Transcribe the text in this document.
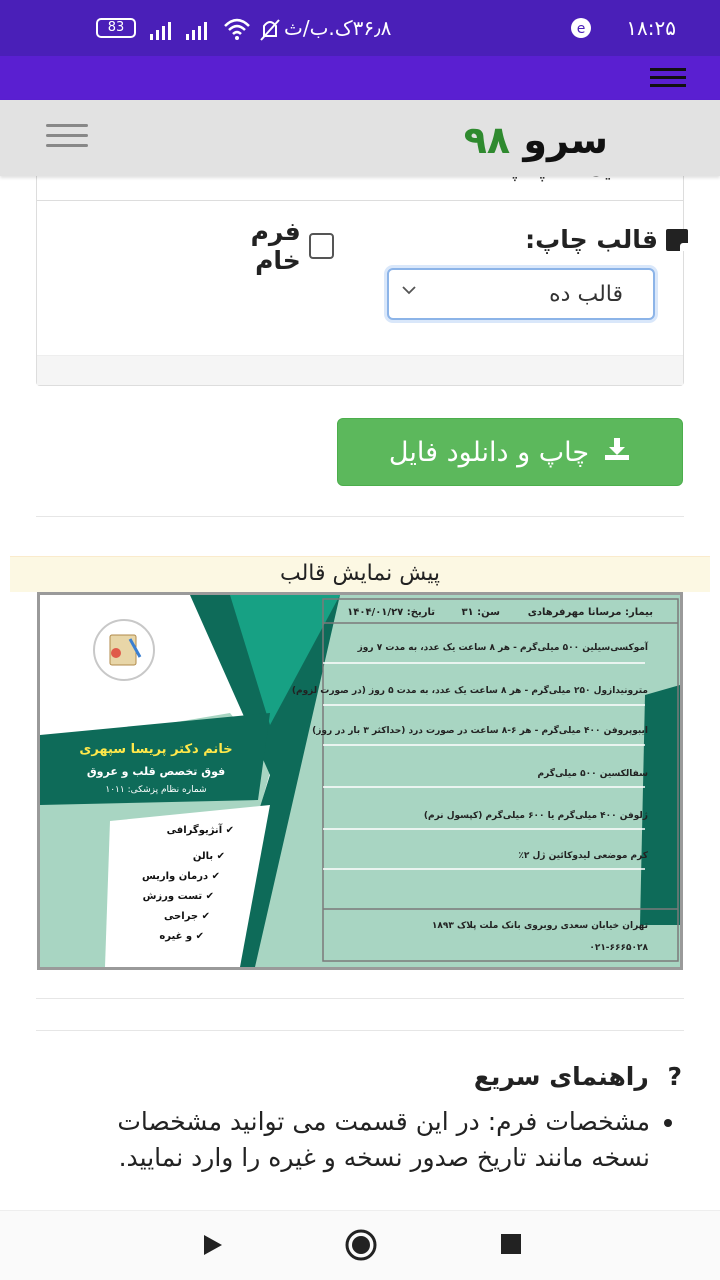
۱۸:۲۵
e
83	۳۶٫۸ک.ب/ث
سرو ۹۸
قالب چاپ:
قالب ده
فرم خام
چاپ و دانلود فایل
پیش نمایش قالب
بیمار: مرسانا مهرفرهادی
سن: ۳۱
تاریخ: ۱۴۰۴/۰۱/۲۷
آموکسی‌سیلین ۵۰۰ میلی‌گرم - هر ۸ ساعت یک عدد، به مدت ۷ روز
مترونیدازول ۲۵۰ میلی‌گرم - هر ۸ ساعت یک عدد، به مدت ۵ روز (در صورت لزوم)
ایبوپروفن ۴۰۰ میلی‌گرم - هر ۶-۸ ساعت در صورت درد (حداکثر ۳ بار در روز)
سفالکسین ۵۰۰ میلی‌گرم
ژلوفن ۴۰۰ میلی‌گرم یا ۶۰۰ میلی‌گرم (کپسول نرم)
کرم موضعی لیدوکائین ژل ۲٪
تهران خیابان سعدی روبروی بانک ملت پلاک ۱۸۹۳
۰۲۱-۶۶۶۵۰۲۸
خانم دکتر پریسا سپهری
فوق تخصص قلب و عروق
شماره نظام پزشکی: ۱۰۱۱
✔ آنژیوگرافی
✔ بالن
✔ درمان واریس
✔ تست ورزش
✔ جراحی
✔ و غیره
? راهنمای سریع
• مشخصات فرم: در این قسمت می توانید مشخصات نسخه مانند تاریخ صدور نسخه و غیره را وارد نمایید.
